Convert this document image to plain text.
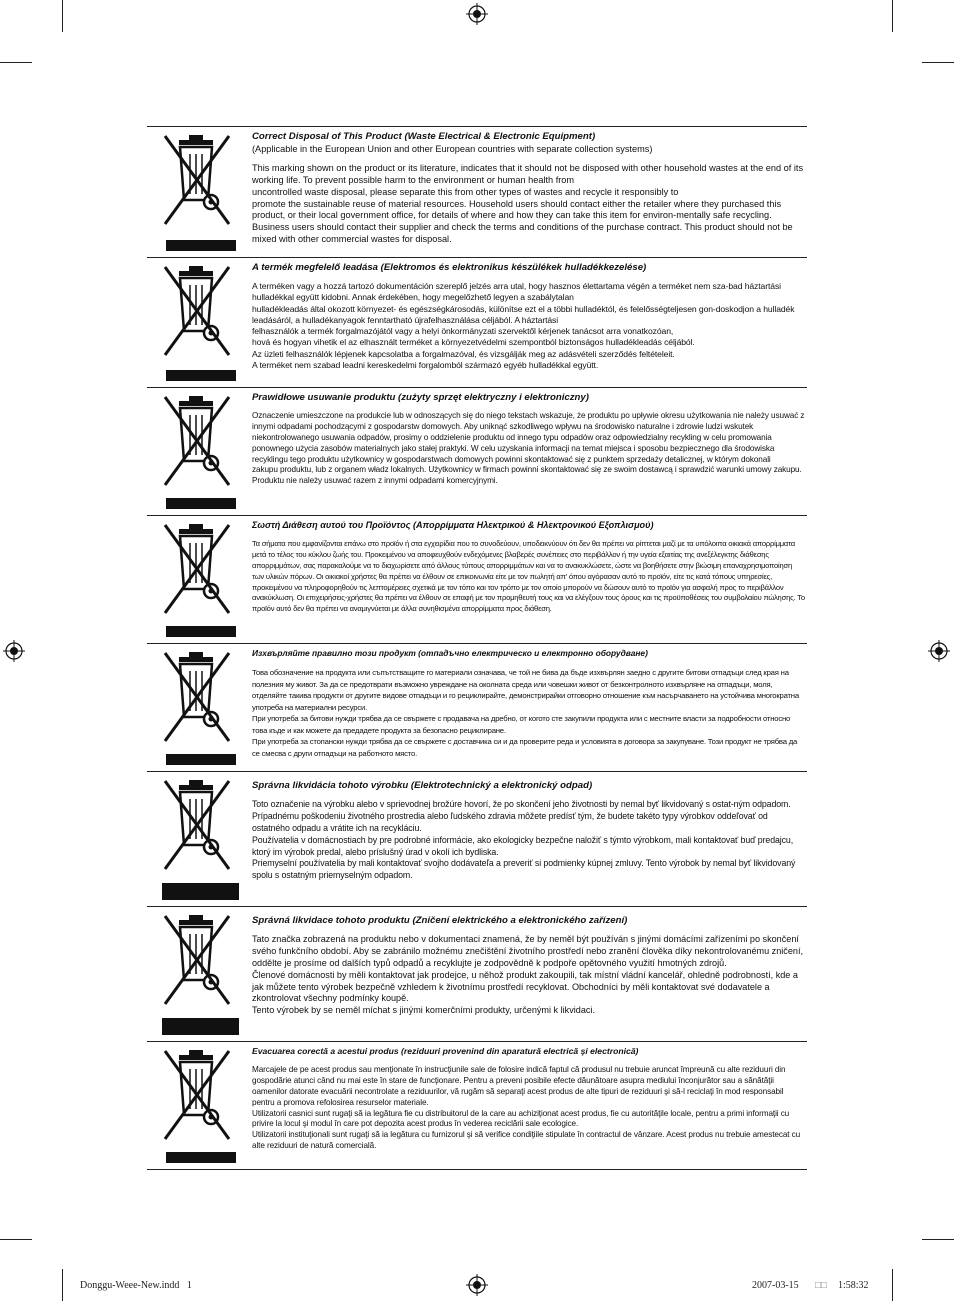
Correct Disposal of This Product (Waste Electrical & Electronic Equipment)
(Applicable in the European Union and other European countries with separate collection systems)
This marking shown on the product or its literature, indicates that it should not be disposed with other household wastes at the end of its working life. To prevent possible harm to the environment or human health from
uncontrolled waste disposal, please separate this from other types of wastes and recycle it responsibly to
promote the sustainable reuse of material resources. Household users should contact either the retailer where they purchased this product, or their local government office, for details of where and how they can take this item for environ-mentally safe recycling. Business users should contact their supplier and check the terms and conditions of the purchase contract. This product should not be mixed with other commercial wastes for disposal.
A termék megfelelő leadása (Elektromos és elektronikus készülékek hulladékkezelése)
A terméken vagy a hozzá tartozó dokumentáción szereplő jelzés arra utal, hogy hasznos élettartama végén a terméket nem sza-bad háztartási hulladékkal együtt kidobni. Annak érdekében, hogy megelőzhető legyen a szabálytalan
hulladékleadás által okozott környezet- és egészségkárosodás, különítse ezt el a többi hulladéktól, és felelősségteljesen gon-doskodjon a hulladék leadásáról, a hulladékanyagok fenntartható újrafelhasználása céljából. A háztartási
felhasználók a termék forgalmazójától vagy a helyi önkormányzati szervektől kérjenek tanácsot arra vonatkozóan,
hová és hogyan vihetik el az elhasznált terméket a környezetvédelmi szempontból biztonságos hulladékleadás céljából.
Az üzleti felhasználók lépjenek kapcsolatba a forgalmazóval, és vizsgálják meg az adásvételi szerződés feltételeit.
A terméket nem szabad leadni kereskedelmi forgalomból származó egyéb hulladékkal együtt.
Prawidłowe usuwanie produktu (zużyty sprzęt elektryczny i elektroniczny)
Oznaczenie umieszczone na produkcie lub w odnoszących się do niego tekstach wskazuje, że produktu po upływie okresu użytkowania nie należy usuwać z innymi odpadami pochodzącymi z gospodarstw domowych. Aby uniknąć szkodliwego wpływu na środowisko naturalne i zdrowie ludzi wskutek niekontrolowanego usuwania odpadów, prosimy o oddzielenie produktu od innego typu odpadów oraz odpowiedzialny recykling w celu promowania ponownego użycia zasobów materialnych jako stałej praktyki. W celu uzyskania informacji na temat miejsca i sposobu bezpiecznego dla środowiska recyklingu tego produktu użytkownicy w gospodarstwach domowych powinni skontaktować się z punktem sprzedaży detalicznej, w którym dokonali
zakupu produktu, lub z organem władz lokalnych. Użytkownicy w firmach powinni skontaktować się ze swoim dostawcą i sprawdzić warunki umowy zakupu. Produktu nie należy usuwać razem z innymi odpadami komercyjnymi.
Σωστή Διάθεση αυτού του Προϊόντος (Απορρίμματα Ηλεκτρικού & Ηλεκτρονικού Εξοπλισμού)
Τα σήματα που εμφανίζονται επάνω στο προϊόν ή στα εγχειρίδια που το συνοδεύουν, υποδεικνύουν ότι δεν θα πρέπει να ρίπτεται μαζί με τα υπόλοιπα οικιακά απορρίμματα μετά το τέλος του κύκλου ζωής του. Προκειμένου να αποφευχθούν ενδεχόμενες βλαβερές συνέπειες στο περιβάλλον ή την υγεία εξαιτίας της ανεξέλεγκτης διάθεσης απορριμμάτων, σας παρακαλούμε να το διαχωρίσετε από άλλους τύπους απορριμμάτων και να το ανακυκλώσετε, ώστε να βοηθήσετε στην βιώσιμη επαναχρησιμοποίηση των υλικών πόρων. Οι οικιακοί χρήστες θα πρέπει να έλθουν σε επικοινωνία είτε με τον πωλητή απ' όπου αγόρασαν αυτό το προϊόν, είτε τις κατά τόπους υπηρεσίες, προκειμένου να πληροφορηθούν τις λεπτομέρειες σχετικά με τον τόπο και τον τρόπο με τον οποίο μπορούν να δώσουν αυτό το προϊόν για ασφαλή προς το περιβάλλον ανακύκλωση. Οι επιχειρήσεις-χρήστες θα πρέπει να έλθουν σε επαφή με τον προμηθευτή τους και να ελέγξουν τους όρους και τις προϋποθέσεις του συμβολαίου πώλησης. Το προϊόν αυτό δεν θα πρέπει να αναμιγνύεται με άλλα συνηθισμένα απορρίμματα προς διάθεση.
Изхвърляйте правилно този продукт (отпадъчно електрическо и електронно оборудване)
Това обозначение на продукта или съпътстващите го материали означава, че той не бива да бъде изхвърлян заедно с другите битови отпадъци след края на полезния му живот. За да се предотврати възможно увреждане на околната среда или човешки живот от безконтролното изхвърляне на отпадъци, моля, отделяйте такива продукти от другите видове отпадъци и го рециклирайте, демонстрирайки отговорно отношение към насърчаването на устойчива многократна употреба на материални ресурси.
При употреба за битови нужди трябва да се свържете с продавача на дребно, от когото сте закупили продукта или с местните власти за подробности относно това къде и как можете да предадете продукта за безопасно рециклиране.
При употреба за стопански нужди трябва да се свържете с доставчика си и да проверите реда и условията в договора за закупуване. Този продукт не трябва да се смесва с други отпадъци на работното място.
Správna likvidácia tohoto výrobku (Elektrotechnický a elektronický odpad)
Toto označenie na výrobku alebo v sprievodnej brožúre hovorí, že po skončení jeho životnosti by nemal byť likvidovaný s ostat-ným odpadom. Prípadnému poškodeniu životného prostredia alebo ľudského zdravia môžete predísť tým, že budete takéto typy výrobkov oddeľovať od ostatného odpadu a vrátite ich na recykláciu.
Používatelia v domácnostiach by pre podrobné informácie, ako ekologicky bezpečne naložiť s týmto výrobkom, mali kontaktovať buď predajcu, ktorý im výrobok predal, alebo príslušný úrad v okolí ich bydliska.
Priemyselní používatelia by mali kontaktovať svojho dodávateľa a preveriť si podmienky kúpnej zmluvy. Tento výrobok by nemal byť likvidovaný spolu s ostatným priemyselným odpadom.
Správná likvidace tohoto produktu (Zničení elektrického a elektronického zařízení)
Tato značka zobrazená na produktu nebo v dokumentaci znamená, že by neměl být používán s jinými domácími zařízeními po skončení svého funkčního období. Aby se zabránilo možnému znečištění životního prostředí nebo zranění člověka díky nekontrolovanému zničení, oddělte je prosíme od dalších typů odpadů a recyklujte je zodpovědně k podpoře opětovného využití hmotných zdrojů.
Členové domácnosti by měli kontaktovat jak prodejce, u něhož produkt zakoupili, tak místní vládní kancelář, ohledně podrobností, kde a jak můžete tento výrobek bezpečně vzhledem k životnímu prostředí recyklovat. Obchodníci by měli kontaktovat své dodavatele a zkontrolovat všechny podmínky koupě.
Tento výrobek by se neměl míchat s jinými komerčními produkty, určenými k likvidaci.
Evacuarea corectă a acestui produs (reziduuri provenind din aparatură electrică şi electronică)
Marcajele de pe acest produs sau menţionate în instrucţiunile sale de folosire indică faptul că produsul nu trebuie aruncat împreună cu alte reziduuri din gospodărie atunci când nu mai este în stare de funcţionare. Pentru a preveni posibile efecte dăunătoare asupra mediului înconjurător sau a sănătăţii oamenilor datorate evacuării necontrolate a reziduurilor, vă rugăm să separaţi acest produs de alte tipuri de reziduuri şi să-l reciclaţi în mod responsabil pentru a promova refolosirea resurselor materiale.
Utilizatorii casnici sunt rugaţi să ia legătura fie cu distribuitorul de la care au achiziţionat acest produs, fie cu autorităţile locale, pentru a primi informaţii cu privire la locul şi modul în care pot depozita acest produs în vederea reciclării sale ecologice.
Utilizatorii instituţionali sunt rugaţi să ia legătura cu furnizorul şi să verifice condiţiile stipulate în contractul de vânzare. Acest produs nu trebuie amestecat cu alte reziduuri de natură comercială.
Donggu-Weee-New.indd   1	2007-03-15 □□ 1:58:32
